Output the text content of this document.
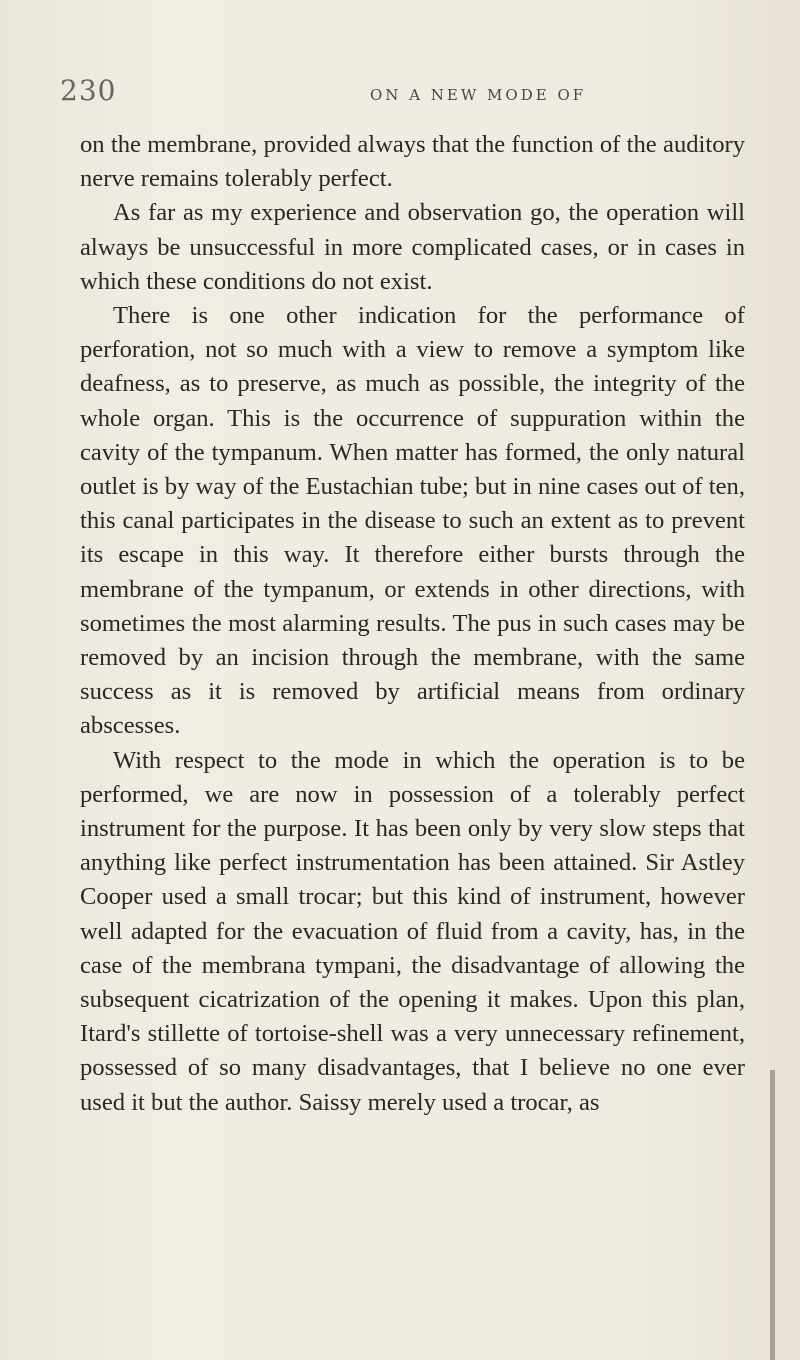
230	ON A NEW MODE OF

on the membrane, provided always that the function of the auditory nerve remains tolerably perfect.

As far as my experience and observation go, the operation will always be unsuccessful in more complicated cases, or in cases in which these conditions do not exist.

There is one other indication for the performance of perforation, not so much with a view to remove a symptom like deafness, as to preserve, as much as possible, the integrity of the whole organ. This is the occurrence of suppuration within the cavity of the tympanum. When matter has formed, the only natural outlet is by way of the Eustachian tube; but in nine cases out of ten, this canal participates in the disease to such an extent as to prevent its escape in this way. It therefore either bursts through the membrane of the tympanum, or extends in other directions, with sometimes the most alarming results. The pus in such cases may be removed by an incision through the membrane, with the same success as it is removed by artificial means from ordinary abscesses.

With respect to the mode in which the operation is to be performed, we are now in possession of a tolerably perfect instrument for the purpose. It has been only by very slow steps that anything like perfect instrumentation has been attained. Sir Astley Cooper used a small trocar; but this kind of instrument, however well adapted for the evacuation of fluid from a cavity, has, in the case of the membrana tympani, the disadvantage of allowing the subsequent cicatrization of the opening it makes. Upon this plan, Itard's stillette of tortoise-shell was a very unnecessary refinement, possessed of so many disadvantages, that I believe no one ever used it but the author. Saissy merely used a trocar, as
